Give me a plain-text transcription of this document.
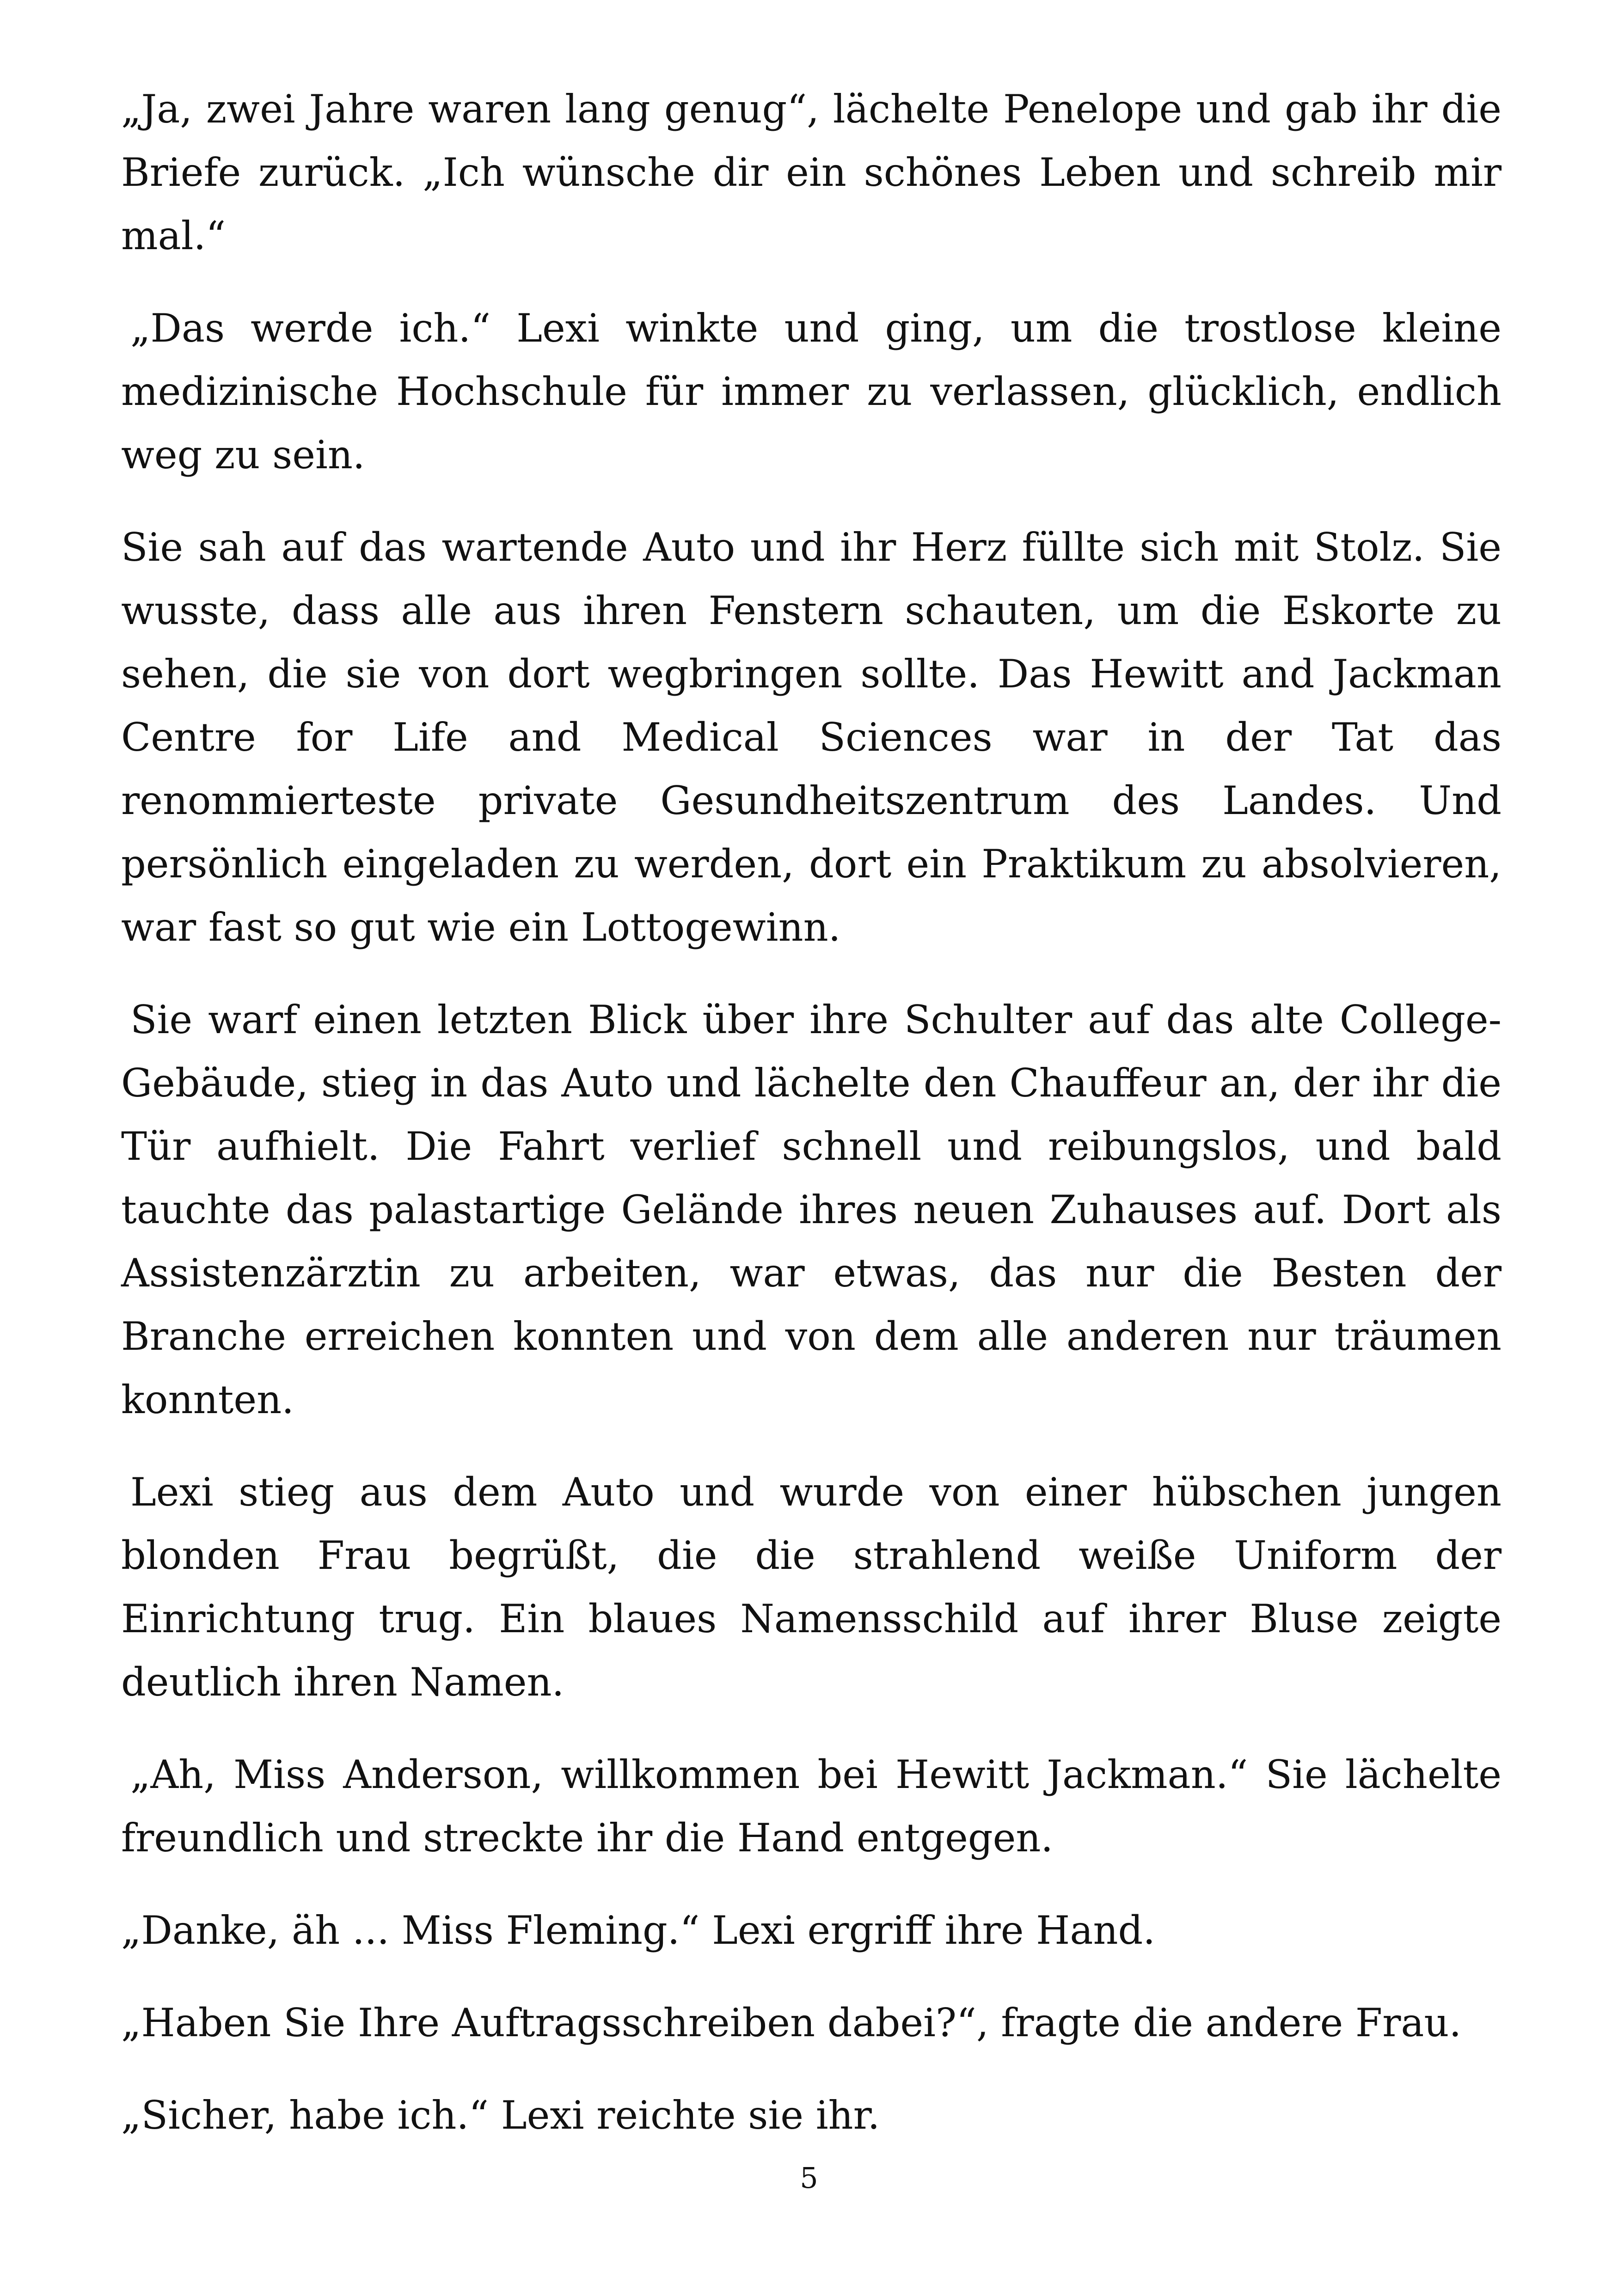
„Ja, zwei Jahre waren lang genug“, lächelte Penelope und gab ihr die Briefe zurück. „Ich wünsche dir ein schönes Leben und schreib mir mal.“

„Das werde ich.“ Lexi winkte und ging, um die trostlose kleine medizinische Hochschule für immer zu verlassen, glücklich, endlich weg zu sein.

Sie sah auf das wartende Auto und ihr Herz füllte sich mit Stolz. Sie wusste, dass alle aus ihren Fenstern schauten, um die Eskorte zu sehen, die sie von dort wegbringen sollte. Das Hewitt and Jackman Centre for Life and Medical Sciences war in der Tat das renommierteste private Gesundheitszentrum des Landes. Und persönlich eingeladen zu werden, dort ein Praktikum zu absolvieren, war fast so gut wie ein Lottogewinn.

Sie warf einen letzten Blick über ihre Schulter auf das alte College-Gebäude, stieg in das Auto und lächelte den Chauffeur an, der ihr die Tür aufhielt. Die Fahrt verlief schnell und reibungslos, und bald tauchte das palastartige Gelände ihres neuen Zuhauses auf. Dort als Assistenzärztin zu arbeiten, war etwas, das nur die Besten der Branche erreichen konnten und von dem alle anderen nur träumen konnten.

Lexi stieg aus dem Auto und wurde von einer hübschen jungen blonden Frau begrüßt, die die strahlend weiße Uniform der Einrichtung trug. Ein blaues Namensschild auf ihrer Bluse zeigte deutlich ihren Namen.

„Ah, Miss Anderson, willkommen bei Hewitt Jackman.“ Sie lächelte freundlich und streckte ihr die Hand entgegen.

„Danke, äh ... Miss Fleming.“ Lexi ergriff ihre Hand.

„Haben Sie Ihre Auftragsschreiben dabei?“, fragte die andere Frau.

„Sicher, habe ich.“ Lexi reichte sie ihr.

5
